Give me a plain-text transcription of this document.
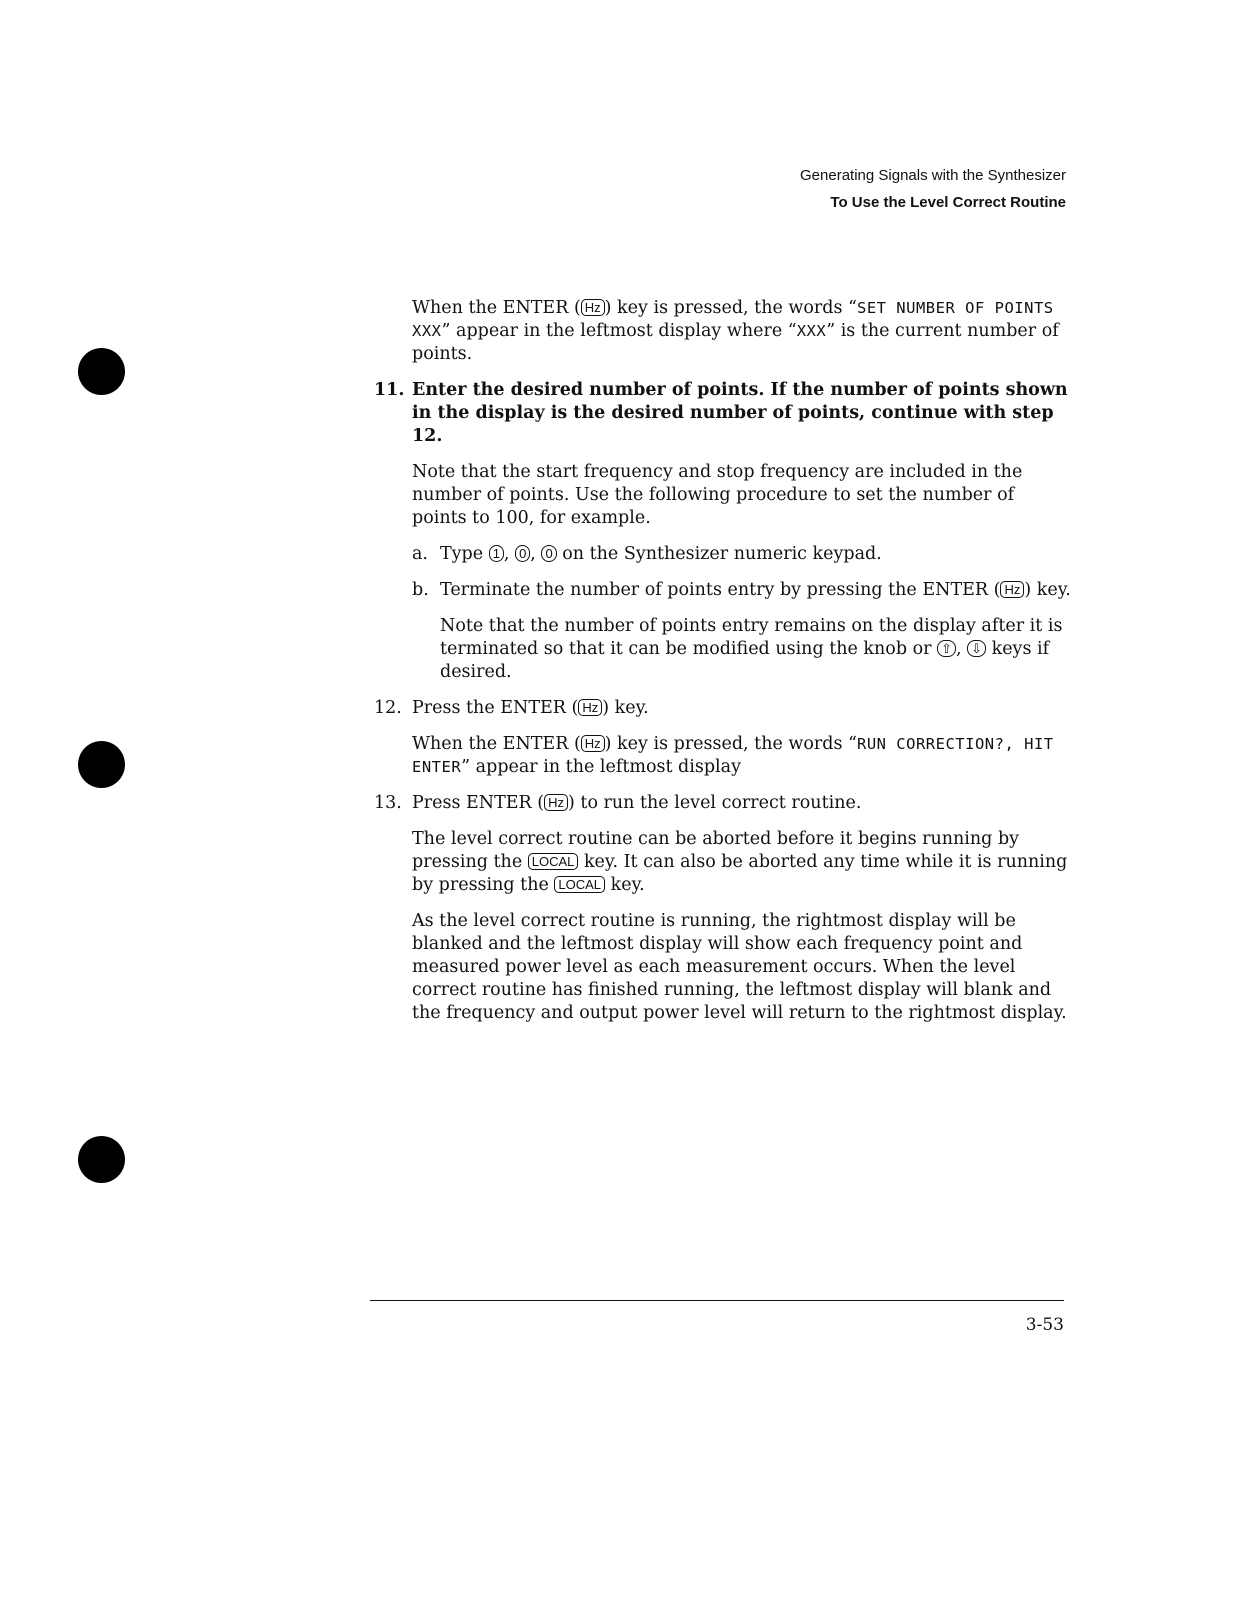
Generating Signals with the Synthesizer
To Use the Level Correct Routine

When the ENTER ( Hz ) key is pressed, the words “SET NUMBER OF POINTS XXX” appear in the leftmost display where “XXX” is the current number of points.

11. Enter the desired number of points. If the number of points shown in the display is the desired number of points, continue with step 12.

Note that the start frequency and stop frequency are included in the number of points. Use the following procedure to set the number of points to 100, for example.

a. Type 1 , 0 , 0 on the Synthesizer numeric keypad.
b. Terminate the number of points entry by pressing the ENTER ( Hz ) key.

Note that the number of points entry remains on the display after it is terminated so that it can be modified using the knob or ⇧ , ⇩ keys if desired.

12. Press the ENTER ( Hz ) key.

When the ENTER ( Hz ) key is pressed, the words “RUN CORRECTION?, HIT ENTER” appear in the leftmost display

13. Press ENTER ( Hz ) to run the level correct routine.

The level correct routine can be aborted before it begins running by pressing the LOCAL key. It can also be aborted any time while it is running by pressing the LOCAL key.

As the level correct routine is running, the rightmost display will be blanked and the leftmost display will show each frequency point and measured power level as each measurement occurs. When the level correct routine has finished running, the leftmost display will blank and the frequency and output power level will return to the rightmost display.

3-53
